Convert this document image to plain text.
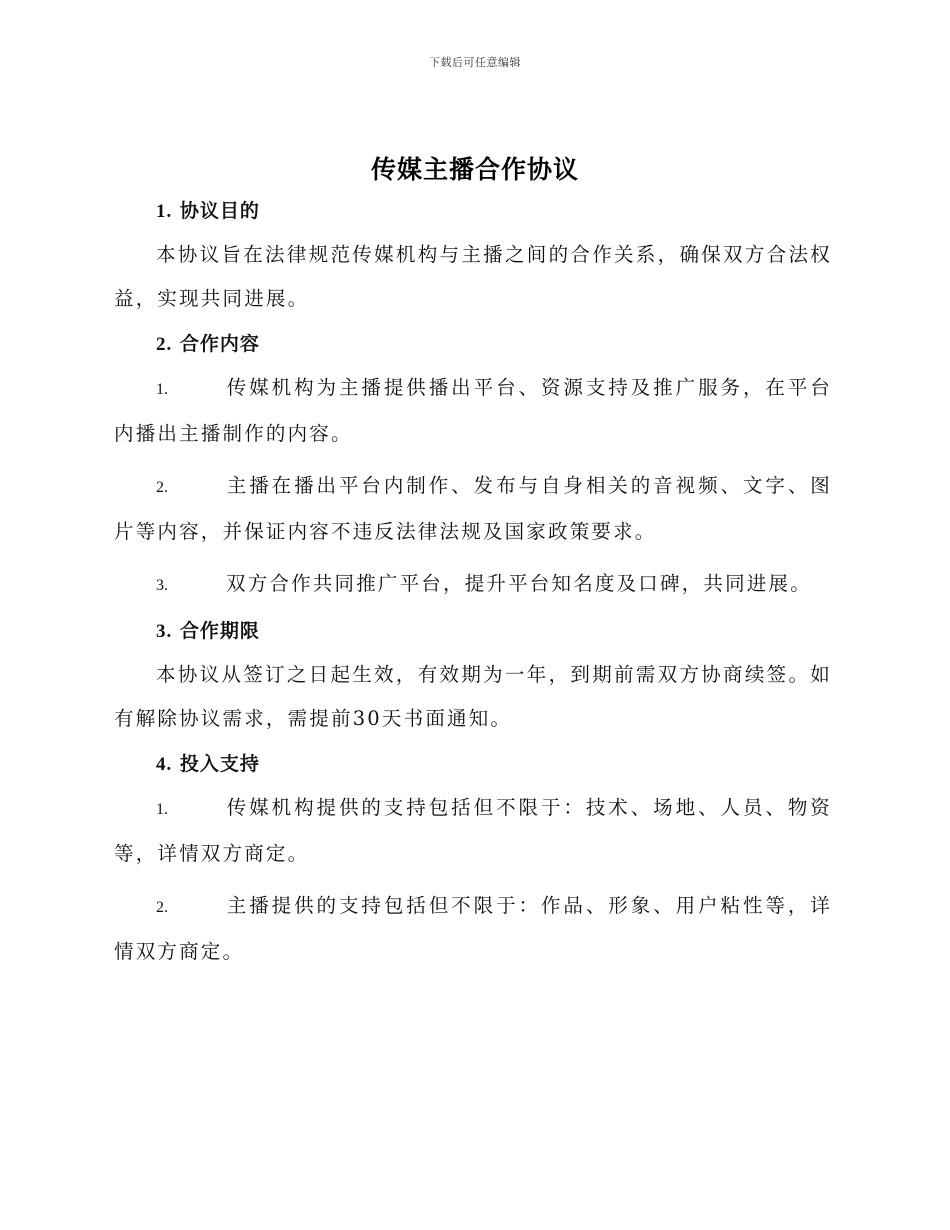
下载后可任意编辑
传媒主播合作协议

1. 协议目的

本协议旨在法律规范传媒机构与主播之间的合作关系，确保双方合法权益，实现共同进展。

2. 合作内容

1.	传媒机构为主播提供播出平台、资源支持及推广服务，在平台内播出主播制作的内容。

2.	主播在播出平台内制作、发布与自身相关的音视频、文字、图片等内容，并保证内容不违反法律法规及国家政策要求。

3.	双方合作共同推广平台，提升平台知名度及口碑，共同进展。

3. 合作期限

本协议从签订之日起生效，有效期为一年，到期前需双方协商续签。如有解除协议需求，需提前30天书面通知。

4. 投入支持

1.	传媒机构提供的支持包括但不限于：技术、场地、人员、物资等，详情双方商定。

2.	主播提供的支持包括但不限于：作品、形象、用户粘性等，详情双方商定。
